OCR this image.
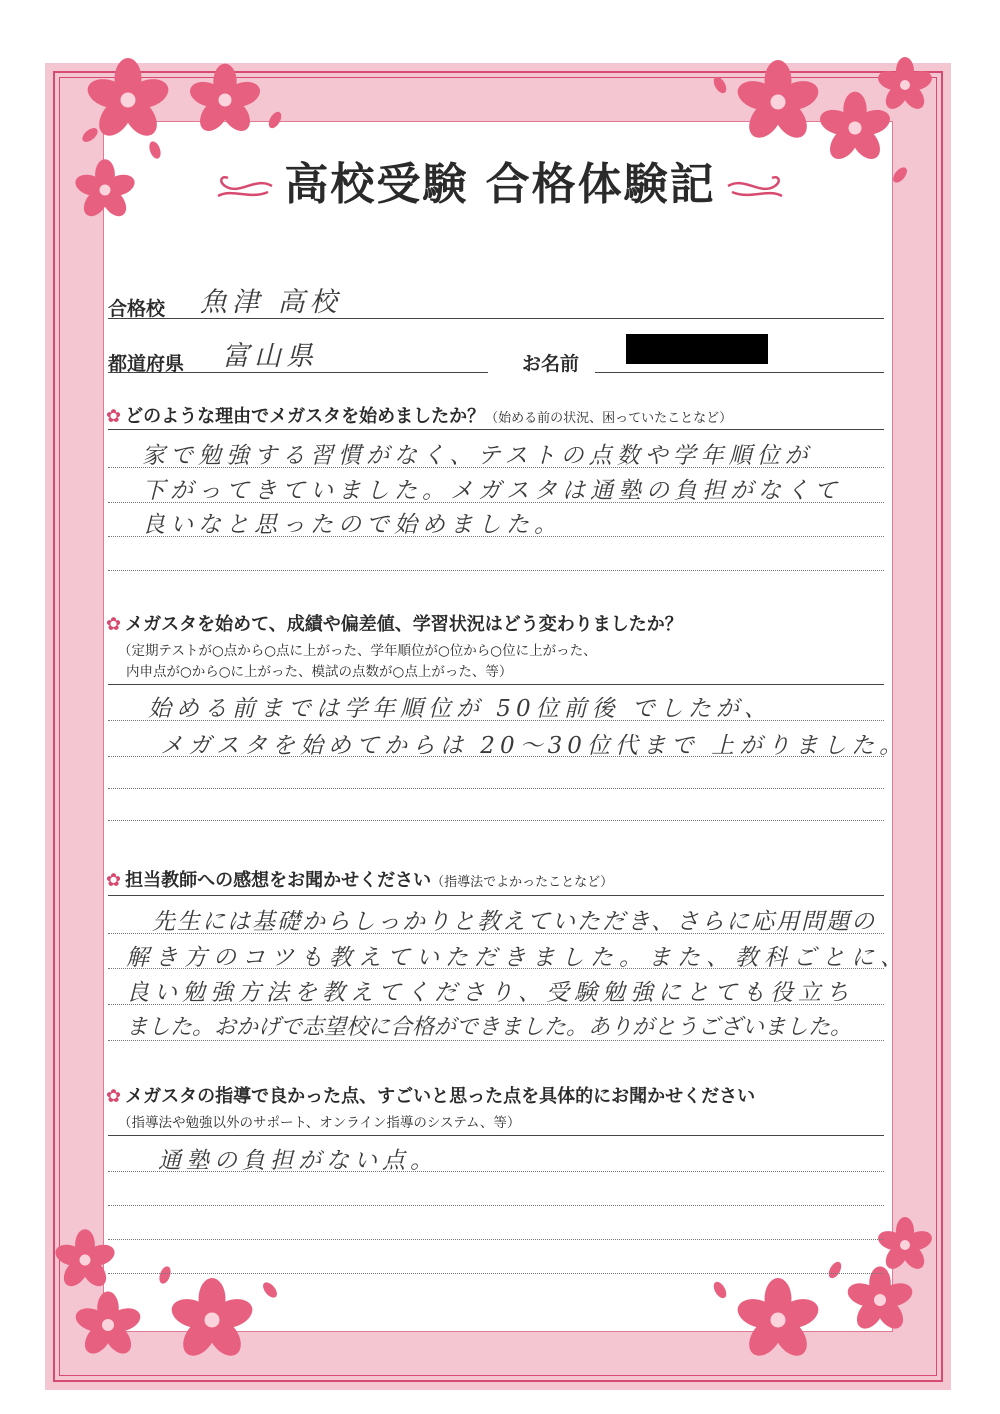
高校受験 合格体験記
合格校 魚津 高校
都道府県 富山県	お名前
✿ どのような理由でメガスタを始めましたか？（始める前の状況、困っていたことなど）
家で勉強する習慣がなく、テストの点数や学年順位が
下がってきていました。メガスタは通塾の負担がなくて
良いなと思ったので始めました。
✿ メガスタを始めて、成績や偏差値、学習状況はどう変わりましたか？
（定期テストが○点から○点に上がった、学年順位が○位から○位に上がった、
内申点が○から○に上がった、模試の点数が○点上がった、等）
始める前までは学年順位が 50位前後 でしたが、
メガスタを始めてからは 20～30位代まで 上がりました。
✿ 担当教師への感想をお聞かせください（指導法でよかったことなど）
先生には基礎からしっかりと教えていただき、さらに応用問題の
解き方のコツも教えていただきました。また、教科ごとに、
良い勉強方法を教えてくださり、受験勉強にとても役立ち
ました。おかげで志望校に合格ができました。ありがとうございました。
✿ メガスタの指導で良かった点、すごいと思った点を具体的にお聞かせください
（指導法や勉強以外のサポート、オンライン指導のシステム、等）
通塾の負担がない点。
